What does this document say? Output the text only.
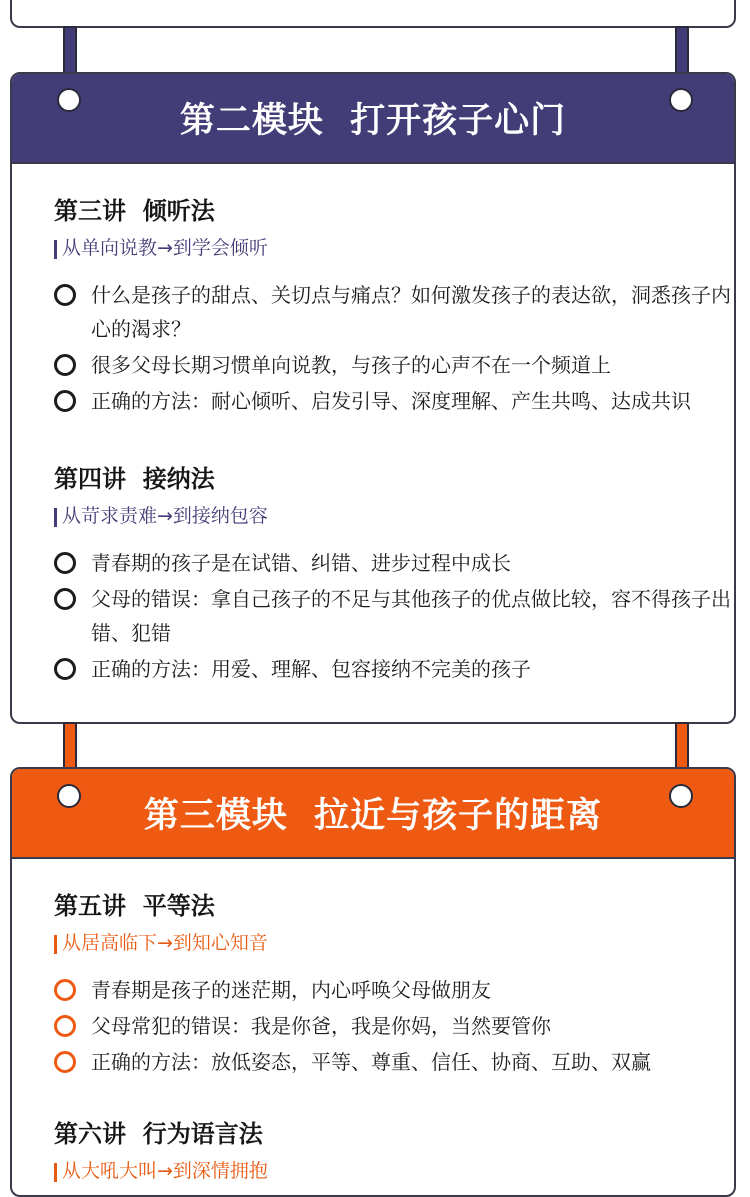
第二模块  打开孩子心门
第三讲  倾听法
从单向说教→到学会倾听
什么是孩子的甜点、关切点与痛点？如何激发孩子的表达欲，洞悉孩子内心的渴求？
很多父母长期习惯单向说教，与孩子的心声不在一个频道上
正确的方法：耐心倾听、启发引导、深度理解、产生共鸣、达成共识
第四讲  接纳法
从苛求责难→到接纳包容
青春期的孩子是在试错、纠错、进步过程中成长
父母的错误：拿自己孩子的不足与其他孩子的优点做比较，容不得孩子出错、犯错
正确的方法：用爱、理解、包容接纳不完美的孩子
第三模块  拉近与孩子的距离
第五讲  平等法
从居高临下→到知心知音
青春期是孩子的迷茫期，内心呼唤父母做朋友
父母常犯的错误：我是你爸，我是你妈，当然要管你
正确的方法：放低姿态，平等、尊重、信任、协商、互助、双赢
第六讲  行为语言法
从大吼大叫→到深情拥抱
